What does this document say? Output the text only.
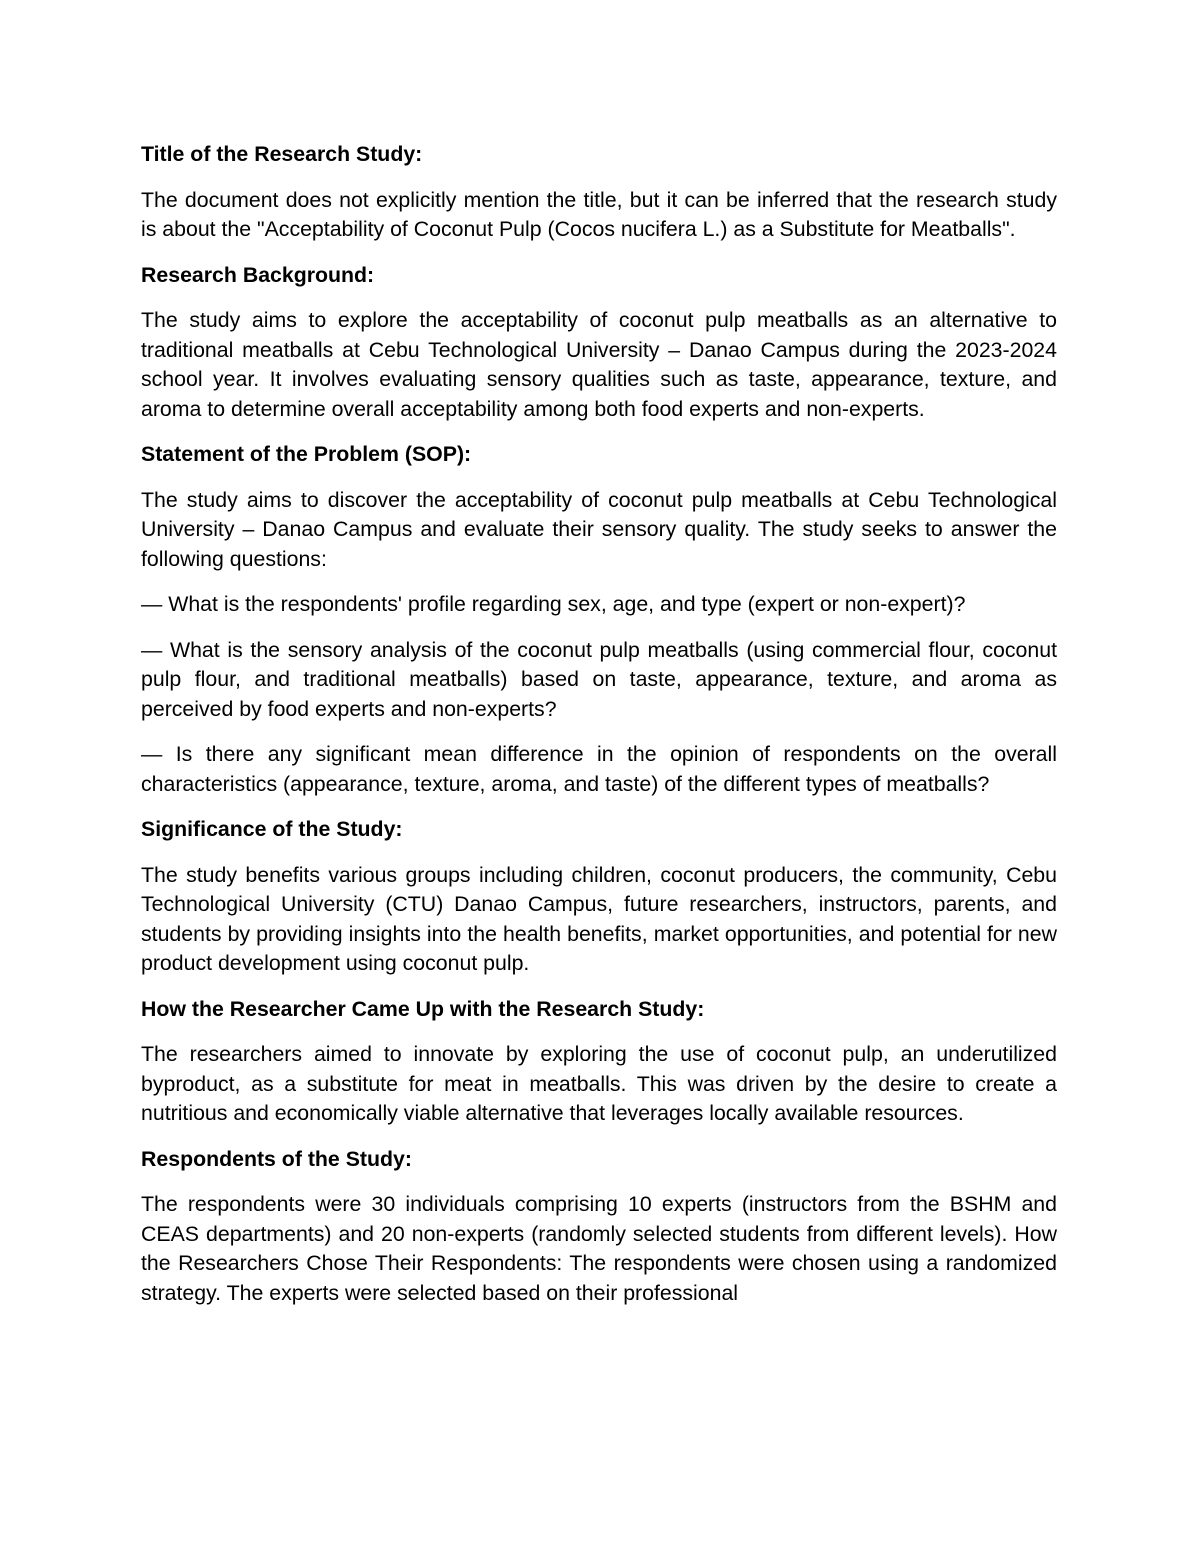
Title of the Research Study:
The document does not explicitly mention the title, but it can be inferred that the research study is about the "Acceptability of Coconut Pulp (Cocos nucifera L.) as a Substitute for Meatballs".
Research Background:
The study aims to explore the acceptability of coconut pulp meatballs as an alternative to traditional meatballs at Cebu Technological University – Danao Campus during the 2023-2024 school year. It involves evaluating sensory qualities such as taste, appearance, texture, and aroma to determine overall acceptability among both food experts and non-experts.
Statement of the Problem (SOP):
The study aims to discover the acceptability of coconut pulp meatballs at Cebu Technological University – Danao Campus and evaluate their sensory quality. The study seeks to answer the following questions:
— What is the respondents' profile regarding sex, age, and type (expert or non-expert)?
— What is the sensory analysis of the coconut pulp meatballs (using commercial flour, coconut pulp flour, and traditional meatballs) based on taste, appearance, texture, and aroma as perceived by food experts and non-experts?
— Is there any significant mean difference in the opinion of respondents on the overall characteristics (appearance, texture, aroma, and taste) of the different types of meatballs?
Significance of the Study:
The study benefits various groups including children, coconut producers, the community, Cebu Technological University (CTU) Danao Campus, future researchers, instructors, parents, and students by providing insights into the health benefits, market opportunities, and potential for new product development using coconut pulp.
How the Researcher Came Up with the Research Study:
The researchers aimed to innovate by exploring the use of coconut pulp, an underutilized byproduct, as a substitute for meat in meatballs. This was driven by the desire to create a nutritious and economically viable alternative that leverages locally available resources.
Respondents of the Study:
The respondents were 30 individuals comprising 10 experts (instructors from the BSHM and CEAS departments) and 20 non-experts (randomly selected students from different levels). How the Researchers Chose Their Respondents: The respondents were chosen using a randomized strategy. The experts were selected based on their professional
